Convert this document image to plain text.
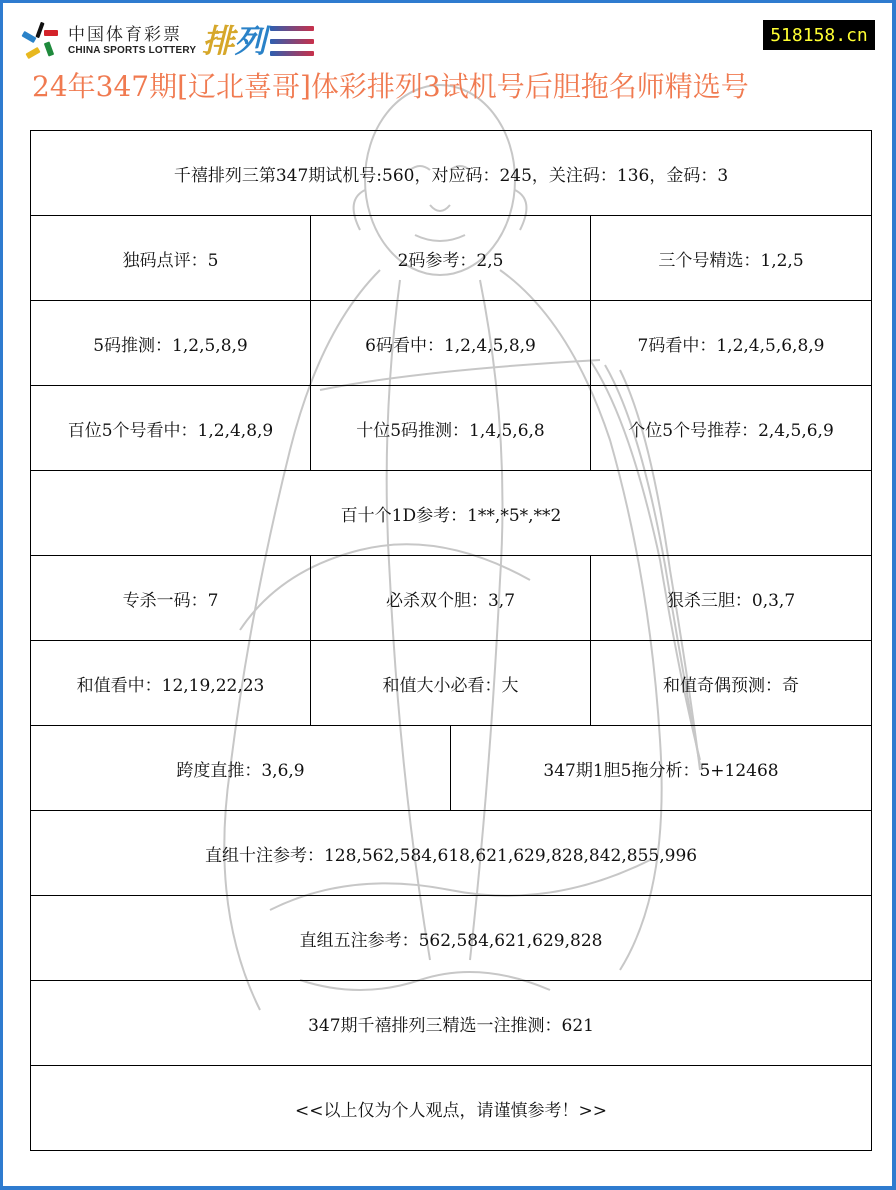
中国体育彩票
CHINA SPORTS LOTTERY 排 列	518158.cn
24年347期[辽北喜哥]体彩排列3试机号后胆拖名师精选号
千禧排列三第347期试机号:560，对应码：245，关注码：136，金码：3			
独码点评：5	2码参考：2,5		三个号精选：1,2,5
5码推测：1,2,5,8,9	6码看中：1,2,4,5,8,9		7码看中：1,2,4,5,6,8,9
百位5个号看中：1,2,4,8,9	十位5码推测：1,4,5,6,8		个位5个号推荐：2,4,5,6,9
百十个1D参考：1**,*5*,**2			
专杀一码：7	必杀双个胆：3,7		狠杀三胆：0,3,7
和值看中：12,19,22,23	和值大小必看：大		和值奇偶预测：奇
跨度直推：3,6,9		347期1胆5拖分析：5+12468	
直组十注参考：128,562,584,618,621,629,828,842,855,996			
直组五注参考：562,584,621,629,828			
347期千禧排列三精选一注推测：621			
<<以上仅为个人观点，请谨慎参考！>>			
